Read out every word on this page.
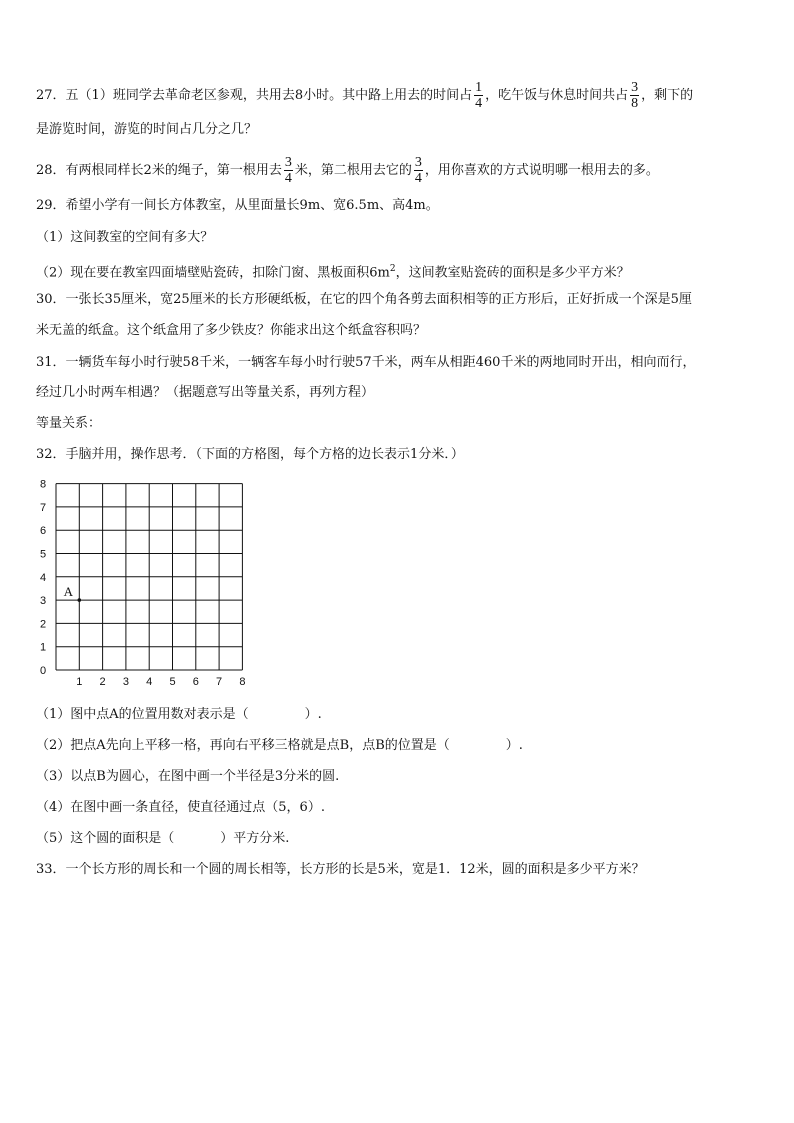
27．五（1）班同学去革命老区参观，共用去8小时。其中路上用去的时间占 $\frac{1}{4}$ ，吃午饭与休息时间共占 $\frac{3}{8}$ ，剩下的
是游览时间，游览的时间占几分之几？
28．有两根同样长2米的绳子，第一根用去 $\frac{3}{4}$ 米，第二根用去它的 $\frac{3}{4}$ ，用你喜欢的方式说明哪一根用去的多。
29．希望小学有一间长方体教室，从里面量长9m、宽6.5m、高4m。
（1）这间教室的空间有多大？
（2）现在要在教室四面墙壁贴瓷砖，扣除门窗、黑板面积$6m^2$，这间教室贴瓷砖的面积是多少平方米？
30．一张长35厘米，宽25厘米的长方形硬纸板，在它的四个角各剪去面积相等的正方形后，正好折成一个深是5厘
米无盖的纸盒。这个纸盒用了多少铁皮？你能求出这个纸盒容积吗？
31．一辆货车每小时行驶58千米，一辆客车每小时行驶57千米，两车从相距460千米的两地同时开出，相向而行，
经过几小时两车相遇？（据题意写出等量关系，再列方程）
等量关系：
32．手脑并用，操作思考．（下面的方格图，每个方格的边长表示1分米．）
0
1
2
3
4
5
6
7
8
1 2 3 4 5 6 7 8
A
（1）图中点A的位置用数对表示是（	）.
（2）把点A先向上平移一格，再向右平移三格就是点B，点B的位置是（	）.
（3）以点B为圆心，在图中画一个半径是3分米的圆.
（4）在图中画一条直径，使直径通过点（5，6）.
（5）这个圆的面积是（	）平方分米.
33．一个长方形的周长和一个圆的周长相等，长方形的长是5米，宽是1．12米，圆的面积是多少平方米？
